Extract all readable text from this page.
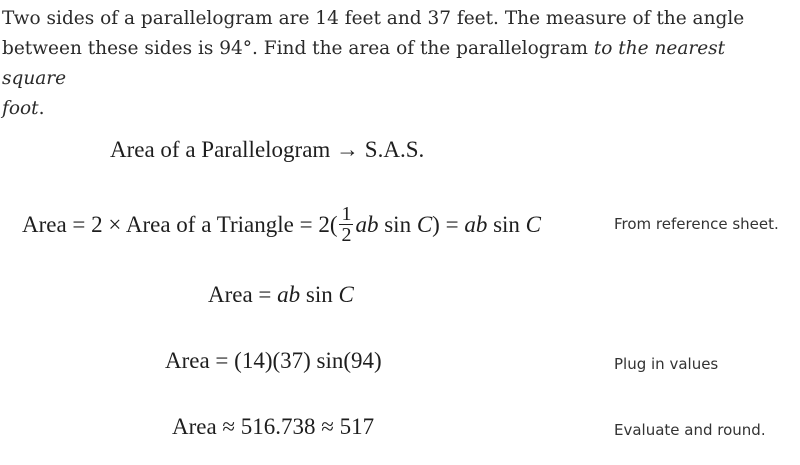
Two sides of a parallelogram are 14 feet and 37 feet. The measure of the angle
between these sides is 94°. Find the area of the parallelogram to the nearest square
foot.
Area of a Parallelogram → S.A.S.
Area = 2 × Area of a Triangle = $2( \frac{1}{2}$ ab sin C) = ab sin C	From reference sheet.
Area = ab sin C
Area = (14)(37) sin(94)	Plug in values
Area ≈ 516.738 ≈ 517	Evaluate and round.
